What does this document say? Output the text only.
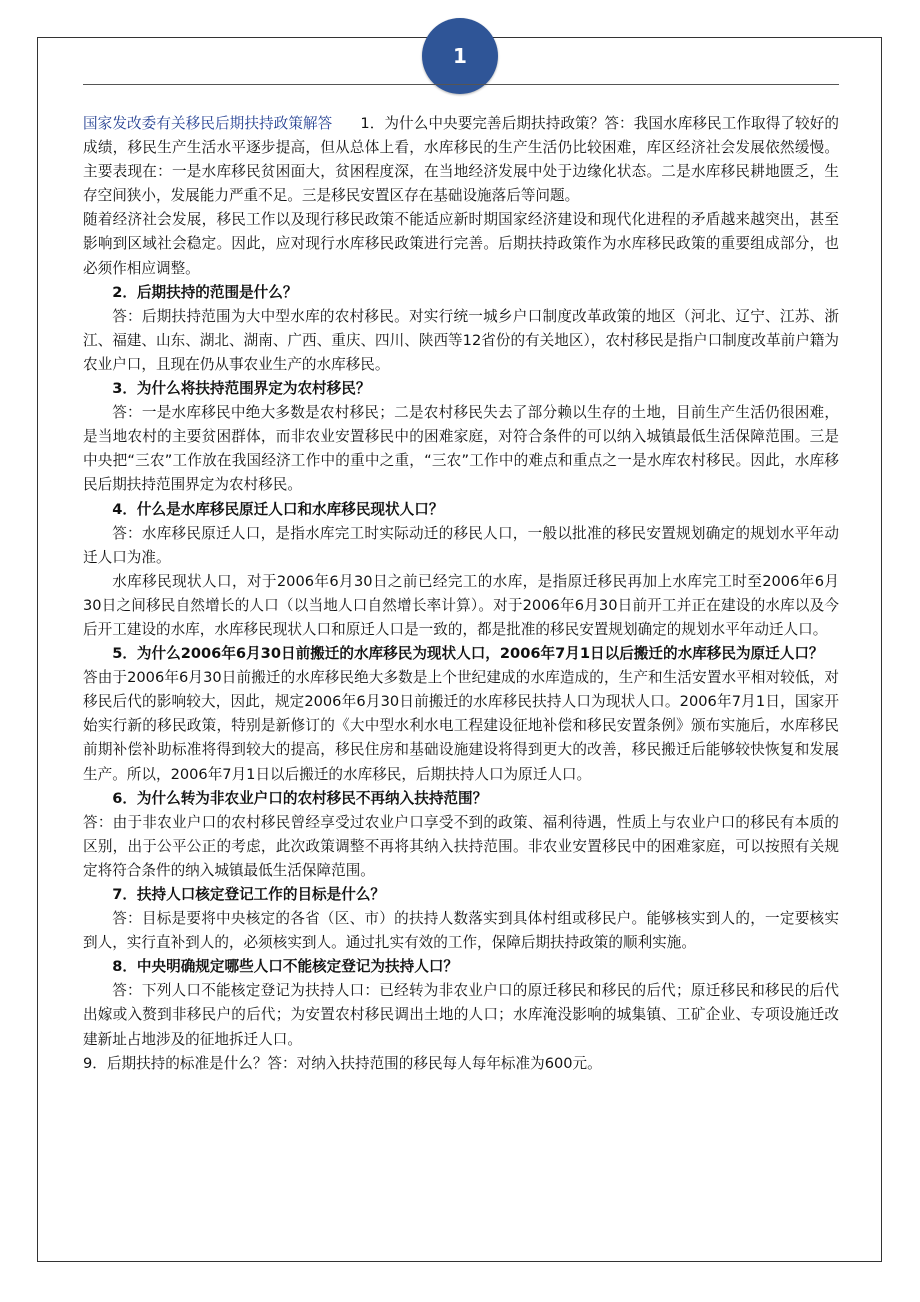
1

国家发改委有关移民后期扶持政策解答 1．为什么中央要完善后期扶持政策？答：我国水库移民工作取得了较好的成绩，移民生产生活水平逐步提高，但从总体上看，水库移民的生产生活仍比较困难，库区经济社会发展依然缓慢。主要表现在：一是水库移民贫困面大，贫困程度深，在当地经济发展中处于边缘化状态。二是水库移民耕地匮乏，生存空间狭小，发展能力严重不足。三是移民安置区存在基础设施落后等问题。

随着经济社会发展，移民工作以及现行移民政策不能适应新时期国家经济建设和现代化进程的矛盾越来越突出，甚至影响到区域社会稳定。因此，应对现行水库移民政策进行完善。后期扶持政策作为水库移民政策的重要组成部分，也必须作相应调整。

2．后期扶持的范围是什么？

答：后期扶持范围为大中型水库的农村移民。对实行统一城乡户口制度改革政策的地区（河北、辽宁、江苏、浙江、福建、山东、湖北、湖南、广西、重庆、四川、陕西等12省份的有关地区），农村移民是指户口制度改革前户籍为农业户口，且现在仍从事农业生产的水库移民。

3．为什么将扶持范围界定为农村移民？

答：一是水库移民中绝大多数是农村移民；二是农村移民失去了部分赖以生存的土地，目前生产生活仍很困难，是当地农村的主要贫困群体，而非农业安置移民中的困难家庭，对符合条件的可以纳入城镇最低生活保障范围。三是中央把“三农”工作放在我国经济工作中的重中之重，“三农”工作中的难点和重点之一是水库农村移民。因此，水库移民后期扶持范围界定为农村移民。

4．什么是水库移民原迁人口和水库移民现状人口？

答：水库移民原迁人口，是指水库完工时实际动迁的移民人口，一般以批准的移民安置规划确定的规划水平年动迁人口为准。

水库移民现状人口，对于2006年6月30日之前已经完工的水库，是指原迁移民再加上水库完工时至2006年6月30日之间移民自然增长的人口（以当地人口自然增长率计算）。对于2006年6月30日前开工并正在建设的水库以及今后开工建设的水库，水库移民现状人口和原迁人口是一致的，都是批准的移民安置规划确定的规划水平年动迁人口。

5．为什么2006年6月30日前搬迁的水库移民为现状人口，2006年7月1日以后搬迁的水库移民为原迁人口？

答由于2006年6月30日前搬迁的水库移民绝大多数是上个世纪建成的水库造成的，生产和生活安置水平相对较低，对移民后代的影响较大，因此，规定2006年6月30日前搬迁的水库移民扶持人口为现状人口。2006年7月1日，国家开始实行新的移民政策，特别是新修订的《大中型水利水电工程建设征地补偿和移民安置条例》颁布实施后，水库移民前期补偿补助标准将得到较大的提高，移民住房和基础设施建设将得到更大的改善，移民搬迁后能够较快恢复和发展生产。所以，2006年7月1日以后搬迁的水库移民，后期扶持人口为原迁人口。

6．为什么转为非农业户口的农村移民不再纳入扶持范围？

答：由于非农业户口的农村移民曾经享受过农业户口享受不到的政策、福利待遇，性质上与农业户口的移民有本质的区别，出于公平公正的考虑，此次政策调整不再将其纳入扶持范围。非农业安置移民中的困难家庭，可以按照有关规定将符合条件的纳入城镇最低生活保障范围。

7．扶持人口核定登记工作的目标是什么？

答：目标是要将中央核定的各省（区、市）的扶持人数落实到具体村组或移民户。能够核实到人的，一定要核实到人，实行直补到人的，必须核实到人。通过扎实有效的工作，保障后期扶持政策的顺利实施。

8．中央明确规定哪些人口不能核定登记为扶持人口？

答：下列人口不能核定登记为扶持人口：已经转为非农业户口的原迁移民和移民的后代；原迁移民和移民的后代出嫁或入赘到非移民户的后代；为安置农村移民调出土地的人口；水库淹没影响的城集镇、工矿企业、专项设施迁改建新址占地涉及的征地拆迁人口。

9．后期扶持的标准是什么？答：对纳入扶持范围的移民每人每年标准为600元。
